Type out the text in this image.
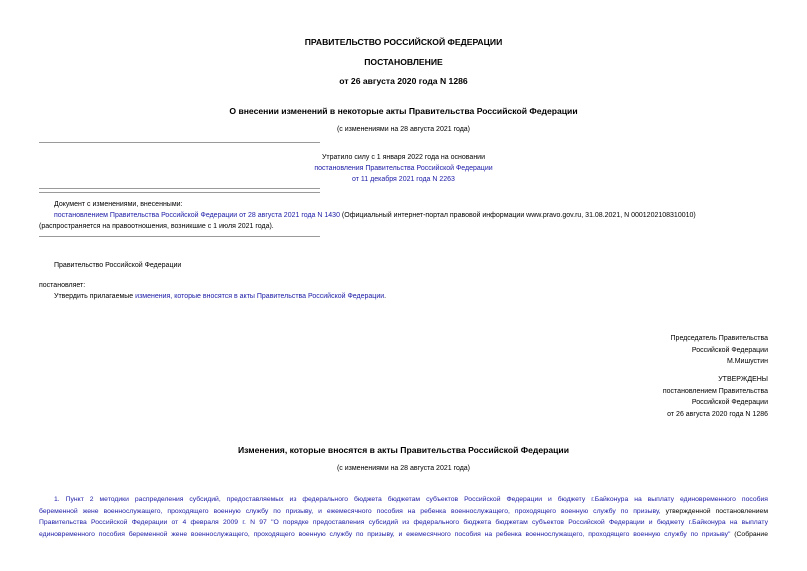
ПРАВИТЕЛЬСТВО РОССИЙСКОЙ ФЕДЕРАЦИИ
ПОСТАНОВЛЕНИЕ
от 26 августа 2020 года N 1286
О внесении изменений в некоторые акты Правительства Российской Федерации
(с изменениями на 28 августа 2021 года)
Утратило силу с 1 января 2022 года на основании
постановления Правительства Российской Федерации
от 11 декабря 2021 года N 2263
Документ с изменениями, внесенными:
постановлением Правительства Российской Федерации от 28 августа 2021 года N 1430 (Официальный интернет-портал правовой информации www.pravo.gov.ru, 31.08.2021, N 0001202108310010)
(распространяется на правоотношения, возникшие с 1 июля 2021 года).
Правительство Российской Федерации
постановляет:
Утвердить прилагаемые изменения, которые вносятся в акты Правительства Российской Федерации.
Председатель Правительства
Российской Федерации
М.Мишустин
УТВЕРЖДЕНЫ
постановлением Правительства
Российской Федерации
от 26 августа 2020 года N 1286
Изменения, которые вносятся в акты Правительства Российской Федерации
(с изменениями на 28 августа 2021 года)
1. Пункт 2 методики распределения субсидий, предоставляемых из федерального бюджета бюджетам субъектов Российской Федерации и бюджету г.Байконура на выплату единовременного пособия
беременной жене военнослужащего, проходящего военную службу по призыву, и ежемесячного пособия на ребенка военнослужащего, проходящего военную службу по призыву, утвержденной постановлением
Правительства Российской Федерации от 4 февраля 2009 г. N 97 "О порядке предоставления субсидий из федерального бюджета бюджетам субъектов Российской Федерации и бюджету г.Байконура на выплату
единовременного пособия беременной жене военнослужащего, проходящего военную службу по призыву, и ежемесячного пособия на ребенка военнослужащего, проходящего военную службу по призыву" (Собрание
